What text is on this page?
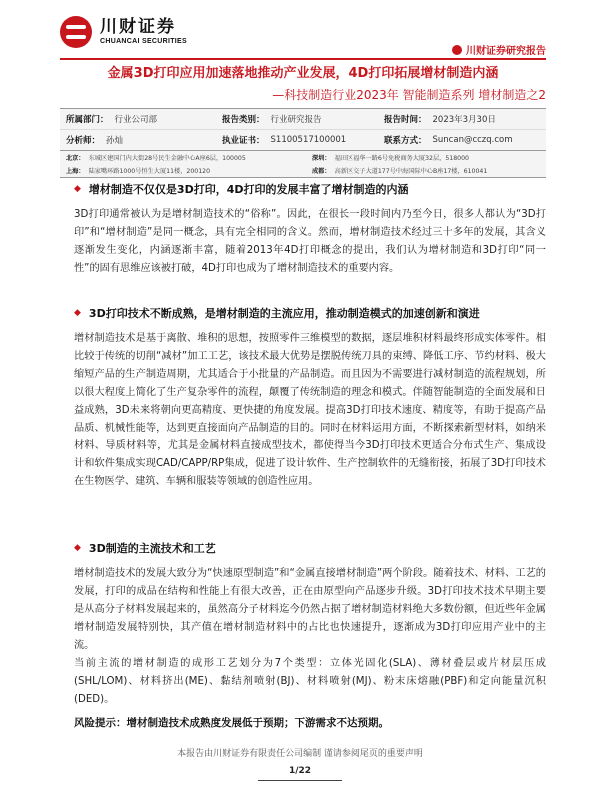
川财证券
CHUANCAI SECURITIES
川财证券研究报告
金属3D打印应用加速落地推动产业发展，4D打印拓展增材制造内涵
—科技制造行业2023年 智能制造系列 增材制造之2
所属部门： 行业公司部	报告类别： 行业研究报告	报告时间： 2023年3月30日
分析师： 孙灿	执业证书： S1100517100001	联系方式： Suncan@cczq.com
北京： 东城区建国门内大街28号民生金融中心A座6层，100005	深圳： 福田区福华一路6号免税商务大厦32层，518000
上海： 陆家嘴环路1000号恒生大厦11楼，200120	成都： 高新区交子大道177号中海国际中心B座17楼，610041
◆ 增材制造不仅仅是3D打印，4D打印的发展丰富了增材制造的内涵
3D打印通常被认为是增材制造技术的“俗称”。因此，在很长一段时间内乃至今日，很多人都认为“3D打印”和“增材制造”是同一概念，具有完全相同的含义。然而，增材制造技术经过三十多年的发展，其含义逐渐发生变化，内涵逐渐丰富，随着2013年4D打印概念的提出，我们认为增材制造和3D打印“同一性”的固有思维应该被打破，4D打印也成为了增材制造技术的重要内容。
◆ 3D打印技术不断成熟，是增材制造的主流应用，推动制造模式的加速创新和演进
增材制造技术是基于离散、堆积的思想，按照零件三维模型的数据，逐层堆积材料最终形成实体零件。相比较于传统的切削“减材”加工工艺，该技术最大优势是摆脱传统刀具的束缚、降低工序、节约材料、极大缩短产品的生产制造周期，尤其适合于小批量的产品制造。而且因为不需要进行减材制造的流程规划，所以很大程度上简化了生产复杂零件的流程，颠覆了传统制造的理念和模式。伴随智能制造的全面发展和日益成熟，3D未来将朝向更高精度、更快捷的角度发展。提高3D打印技术速度、精度等，有助于提高产品品质、机械性能等，达到更直接面向产品制造的目的。同时在材料运用方面，不断探索新型材料，如纳米材料、导质材料等，尤其是金属材料直接成型技术，都使得当今3D打印技术更适合分布式生产、集成设计和软件集成实现CAD/CAPP/RP集成，促进了设计软件、生产控制软件的无缝衔接，拓展了3D打印技术在生物医学、建筑、车辆和服装等领域的创造性应用。
◆ 3D制造的主流技术和工艺
增材制造技术的发展大致分为“快速原型制造”和“金属直接增材制造”两个阶段。随着技术、材料、工艺的发展，打印的成品在结构和性能上有很大改善，正在由原型向产品逐步升级。3D打印技术技术早期主要是从高分子材料发展起来的，虽然高分子材料迄今仍然占据了增材制造材料绝大多数份额，但近些年金属增材制造发展特别快，其产值在增材制造材料中的占比也快速提升，逐渐成为3D打印应用产业中的主流。
当前主流的增材制造的成形工艺划分为7个类型：立体光固化(SLA)、薄材叠层或片材层压成(SHL/LOM)、材料挤出(ME)、黏结剂喷射(BJ)、材料喷射(MJ)、粉末床熔融(PBF)和定向能量沉积(DED)。
风险提示：增材制造技术成熟度发展低于预期；下游需求不达预期。
本报告由川财证券有限责任公司编制 谨请参阅尾页的重要声明
1/22
